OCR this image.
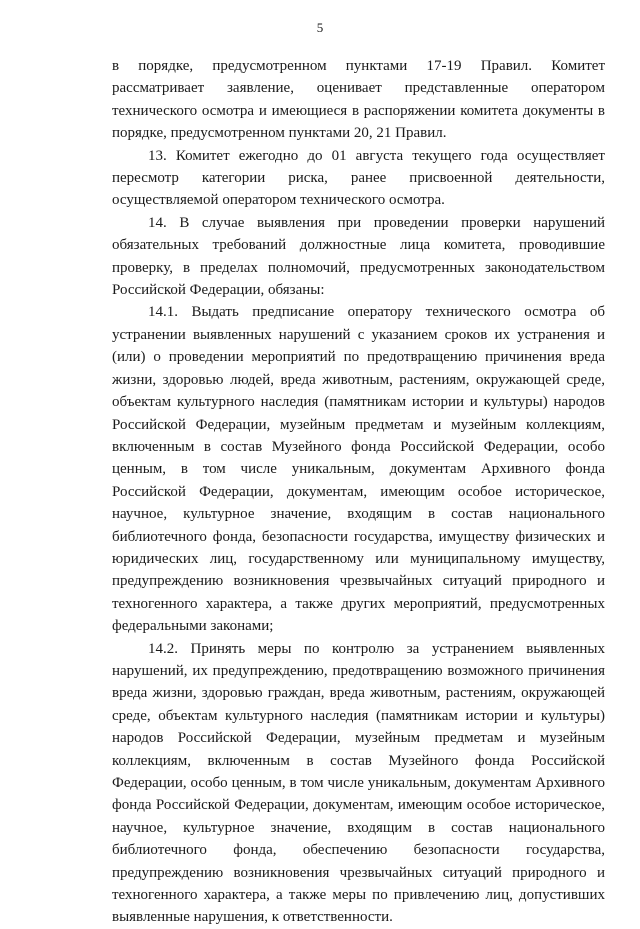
5

в порядке, предусмотренном пунктами 17-19 Правил. Комитет рассматривает заявление, оценивает представленные оператором технического осмотра и имеющиеся в распоряжении комитета документы в порядке, предусмотренном пунктами 20, 21 Правил.

13. Комитет ежегодно до 01 августа текущего года осуществляет пересмотр категории риска, ранее присвоенной деятельности, осуществляемой оператором технического осмотра.

14. В случае выявления при проведении проверки нарушений обязательных требований должностные лица комитета, проводившие проверку, в пределах полномочий, предусмотренных законодательством Российской Федерации, обязаны:

14.1. Выдать предписание оператору технического осмотра об устранении выявленных нарушений с указанием сроков их устранения и (или) о проведении мероприятий по предотвращению причинения вреда жизни, здоровью людей, вреда животным, растениям, окружающей среде, объектам культурного наследия (памятникам истории и культуры) народов Российской Федерации, музейным предметам и музейным коллекциям, включенным в состав Музейного фонда Российской Федерации, особо ценным, в том числе уникальным, документам Архивного фонда Российской Федерации, документам, имеющим особое историческое, научное, культурное значение, входящим в состав национального библиотечного фонда, безопасности государства, имуществу физических и юридических лиц, государственному или муниципальному имуществу, предупреждению возникновения чрезвычайных ситуаций природного и техногенного характера, а также других мероприятий, предусмотренных федеральными законами;

14.2. Принять меры по контролю за устранением выявленных нарушений, их предупреждению, предотвращению возможного причинения вреда жизни, здоровью граждан, вреда животным, растениям, окружающей среде, объектам культурного наследия (памятникам истории и культуры) народов Российской Федерации, музейным предметам и музейным коллекциям, включенным в состав Музейного фонда Российской Федерации, особо ценным, в том числе уникальным, документам Архивного фонда Российской Федерации, документам, имеющим особое историческое, научное, культурное значение, входящим в состав национального библиотечного фонда, обеспечению безопасности государства, предупреждению возникновения чрезвычайных ситуаций природного и техногенного характера, а также меры по привлечению лиц, допустивших выявленные нарушения, к ответственности.
